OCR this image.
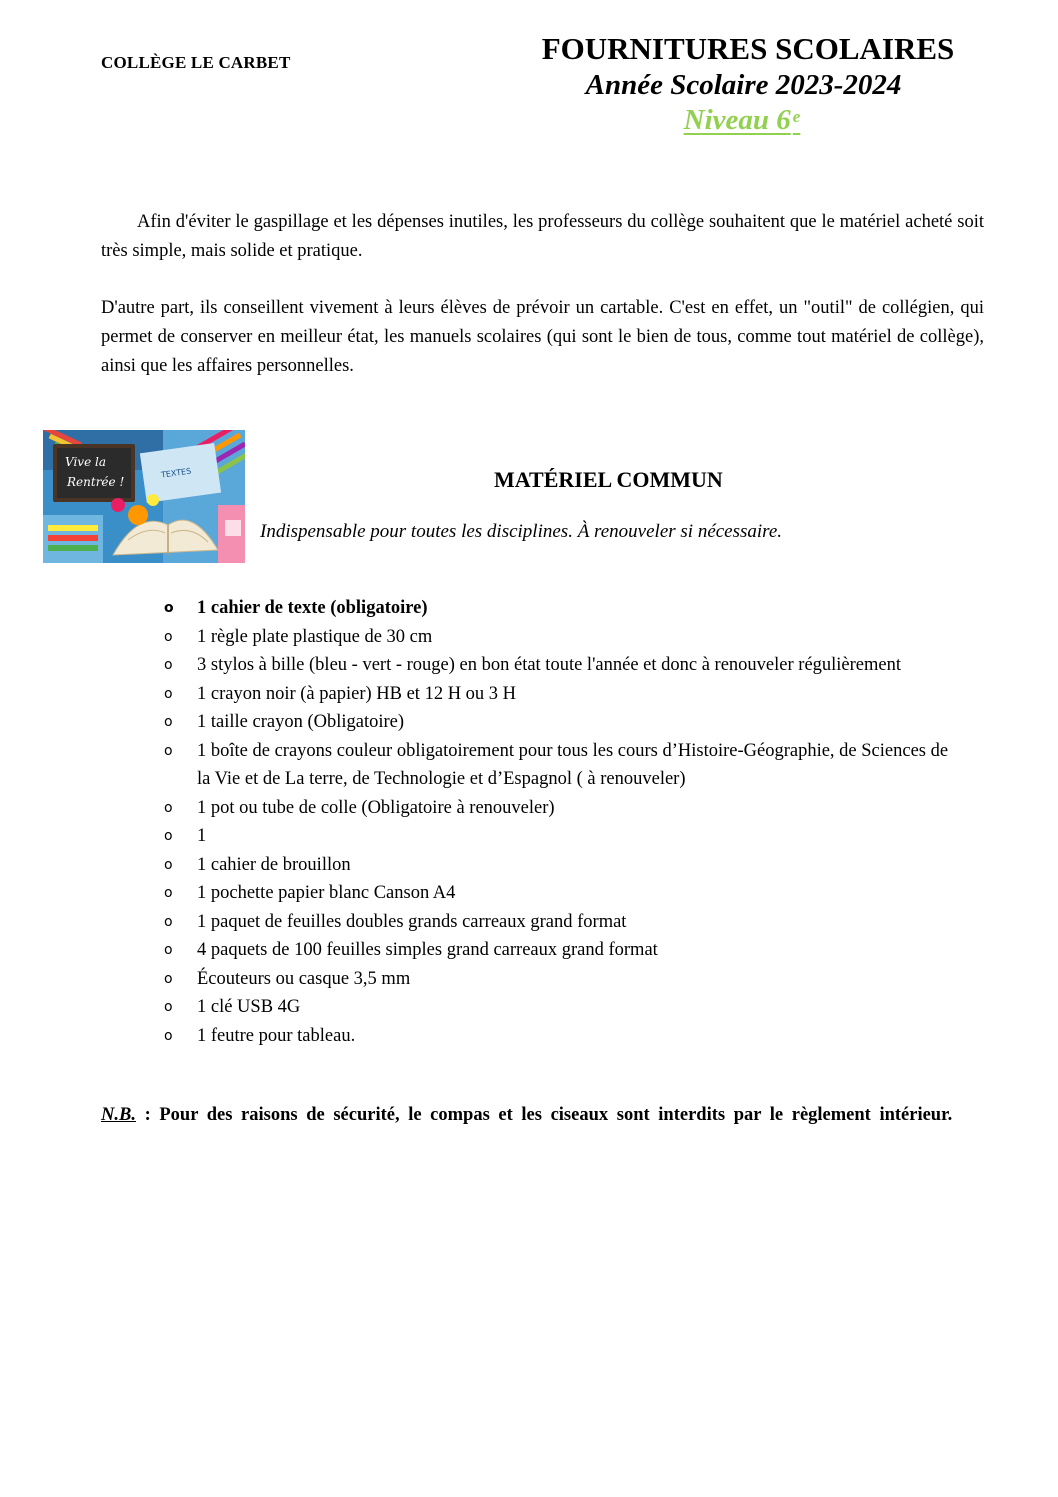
COLLÈGE LE CARBET	FOURNITURES SCOLAIRES
Année Scolaire 2023-2024
Niveau 6 $^e$

Afin d'éviter le gaspillage et les dépenses inutiles, les professeurs du collège souhaitent que le matériel acheté soit très simple, mais solide et pratique.

D'autre part, ils conseillent vivement à leurs élèves de prévoir un cartable. C'est en effet, un "outil" de collégien, qui permet de conserver en meilleur état, les manuels scolaires (qui sont le bien de tous, comme tout matériel de collège), ainsi que les affaires personnelles.

Vive la
Rentrée !
TEXTES	MATÉRIEL COMMUN
Indispensable pour toutes les disciplines. À renouveler si nécessaire.
o 1 cahier de texte (obligatoire)
o 1 règle plate plastique de 30 cm
o 3 stylos à bille (bleu - vert - rouge) en bon état toute l'année et donc à renouveler régulièrement
o 1 crayon noir (à papier) HB et 12 H ou 3 H
o 1 taille crayon (Obligatoire)
o 1 boîte de crayons couleur obligatoirement pour tous les cours d’Histoire-Géographie, de Sciences de la Vie et de La terre, de Technologie et d’Espagnol ( à renouveler)
o 1 pot ou tube de colle (Obligatoire à renouveler)
o 1
o 1 cahier de brouillon
o 1 pochette papier blanc Canson A4
o 1 paquet de feuilles doubles grands carreaux grand format
o 4 paquets de 100 feuilles simples grand carreaux grand format
o Écouteurs ou casque 3,5 mm
o 1 clé USB 4G
o 1 feutre pour tableau.

N.B. : Pour des raisons de sécurité, le compas et les ciseaux sont interdits par le règlement intérieur.
